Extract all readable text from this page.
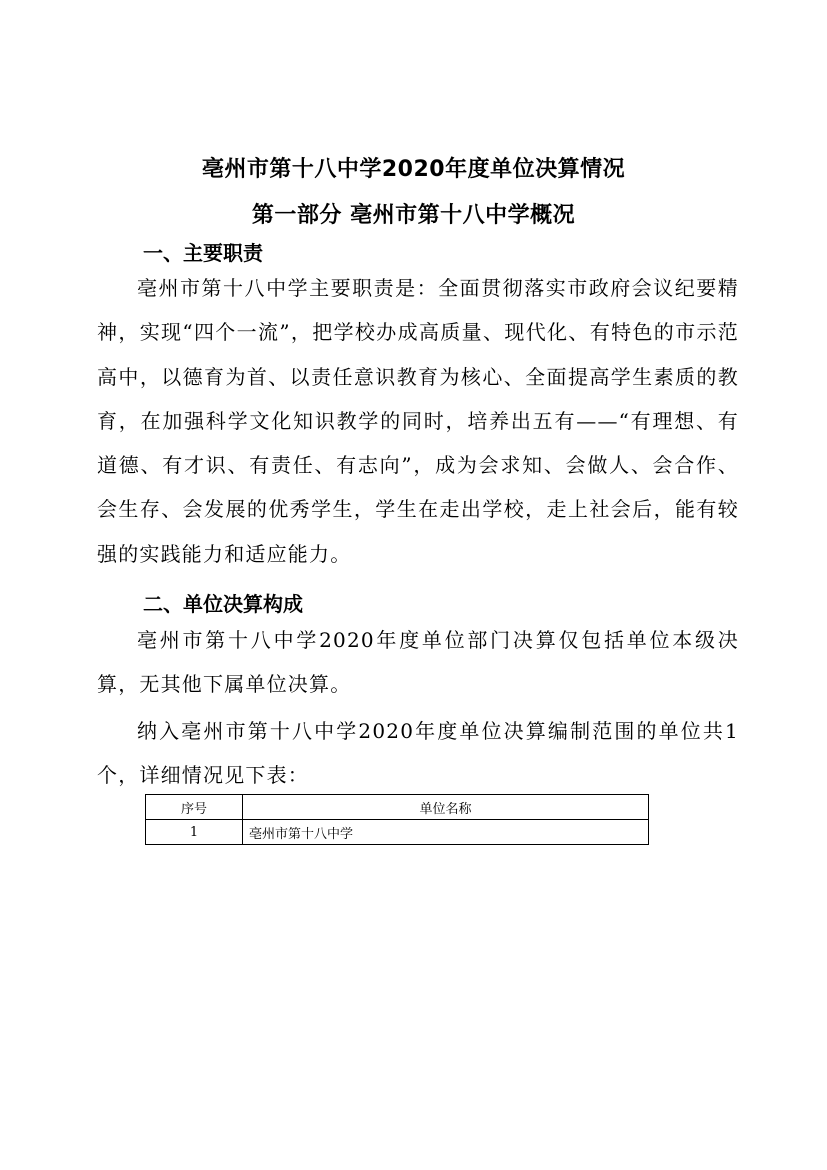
亳州市第十八中学2020年度单位决算情况
第一部分 亳州市第十八中学概况
一、主要职责
亳州市第十八中学主要职责是：全面贯彻落实市政府会议纪要精神，实现“四个一流”，把学校办成高质量、现代化、有特色的市示范高中，以德育为首、以责任意识教育为核心、全面提高学生素质的教育，在加强科学文化知识教学的同时，培养出五有——“有理想、有道德、有才识、有责任、有志向”，成为会求知、会做人、会合作、会生存、会发展的优秀学生，学生在走出学校，走上社会后，能有较强的实践能力和适应能力。
二、单位决算构成
亳州市第十八中学2020年度单位部门决算仅包括单位本级决算，无其他下属单位决算。
纳入亳州市第十八中学2020年度单位决算编制范围的单位共1个，详细情况见下表：
序号	单位名称
1	亳州市第十八中学
